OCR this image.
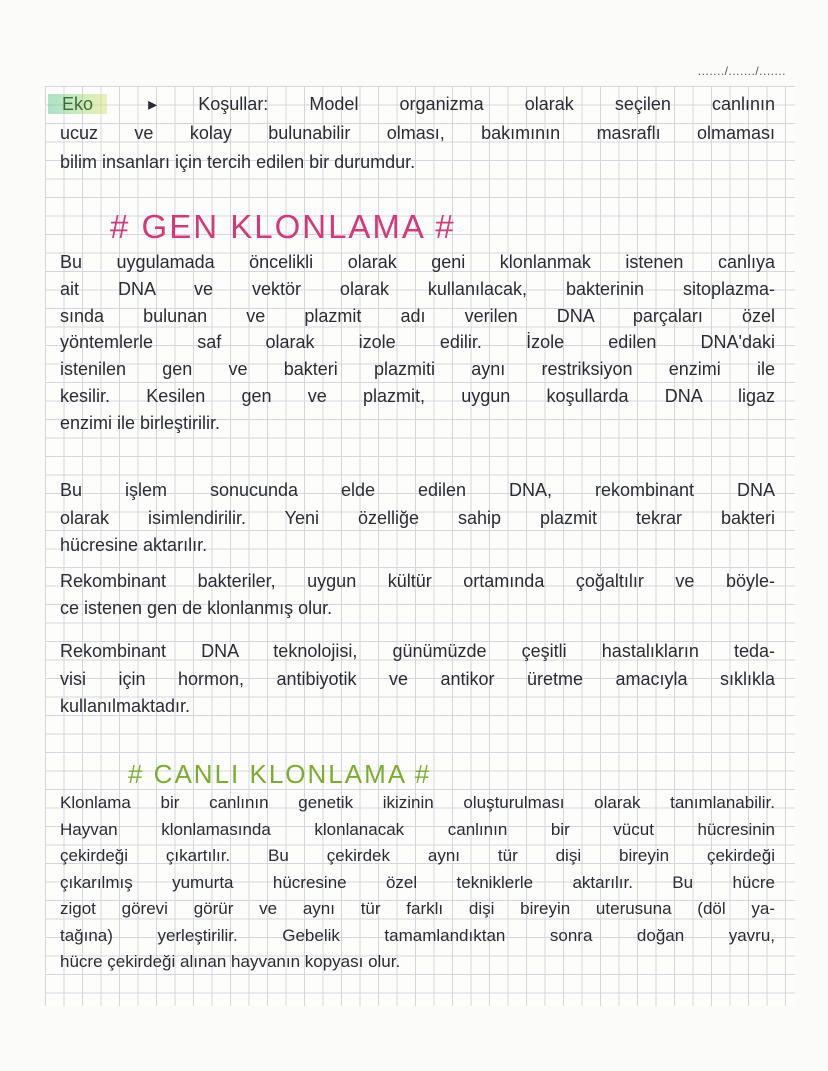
......./......./.......
Eko ▸ Koşullar: Model organizma olarak seçilen canlının
ucuz ve kolay bulunabilir olması, bakımının masraflı olmaması
bilim insanları için tercih edilen bir durumdur.
# GEN KLONLAMA #
Bu uygulamada öncelikli olarak geni klonlanmak istenen canlıya
ait DNA ve vektör olarak kullanılacak, bakterinin sitoplazma-
sında bulunan ve plazmit adı verilen DNA parçaları özel
yöntemlerle saf olarak izole edilir. İzole edilen DNA'daki
istenilen gen ve bakteri plazmiti aynı restriksiyon enzimi ile
kesilir. Kesilen gen ve plazmit, uygun koşullarda DNA ligaz
enzimi ile birleştirilir.
Bu işlem sonucunda elde edilen DNA, rekombinant DNA
olarak isimlendirilir. Yeni özelliğe sahip plazmit tekrar bakteri
hücresine aktarılır.
Rekombinant bakteriler, uygun kültür ortamında çoğaltılır ve böyle-
ce istenen gen de klonlanmış olur.
Rekombinant DNA teknolojisi, günümüzde çeşitli hastalıkların teda-
visi için hormon, antibiyotik ve antikor üretme amacıyla sıklıkla
kullanılmaktadır.
# CANLI KLONLAMA #
Klonlama bir canlının genetik ikizinin oluşturulması olarak tanımlanabilir.
Hayvan klonlamasında klonlanacak canlının bir vücut hücresinin
çekirdeği çıkartılır. Bu çekirdek aynı tür dişi bireyin çekirdeği
çıkarılmış yumurta hücresine özel tekniklerle aktarılır. Bu hücre
zigot görevi görür ve aynı tür farklı dişi bireyin uterusuna (döl ya-
tağına) yerleştirilir. Gebelik tamamlandıktan sonra doğan yavru,
hücre çekirdeği alınan hayvanın kopyası olur.
